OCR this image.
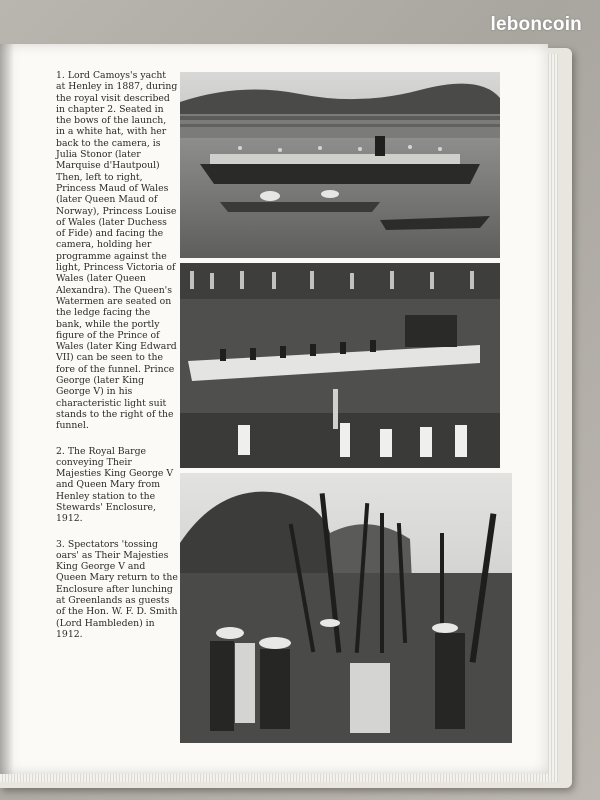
leboncoin

1. Lord Camoys's yacht at Henley in 1887, during the royal visit described in chapter 2. Seated in the bows of the launch, in a white hat, with her back to the camera, is Julia Stonor (later Marquise d'Hautpoul) Then, left to right, Princess Maud of Wales (later Queen Maud of Norway), Princess Louise of Wales (later Duchess of Fide) and facing the camera, holding her programme against the light, Princess Victoria of Wales (later Queen Alexandra). The Queen's Watermen are seated on the ledge facing the bank, while the portly figure of the Prince of Wales (later King Edward VII) can be seen to the fore of the funnel. Prince George (later King George V) in his characteristic light suit stands to the right of the funnel.

2. The Royal Barge conveying Their Majesties King George V and Queen Mary from Henley station to the Stewards' Enclosure, 1912.

3. Spectators 'tossing oars' as Their Majesties King George V and Queen Mary return to the Enclosure after lunching at Greenlands as guests of the Hon. W. F. D. Smith (Lord Hambleden) in 1912.
